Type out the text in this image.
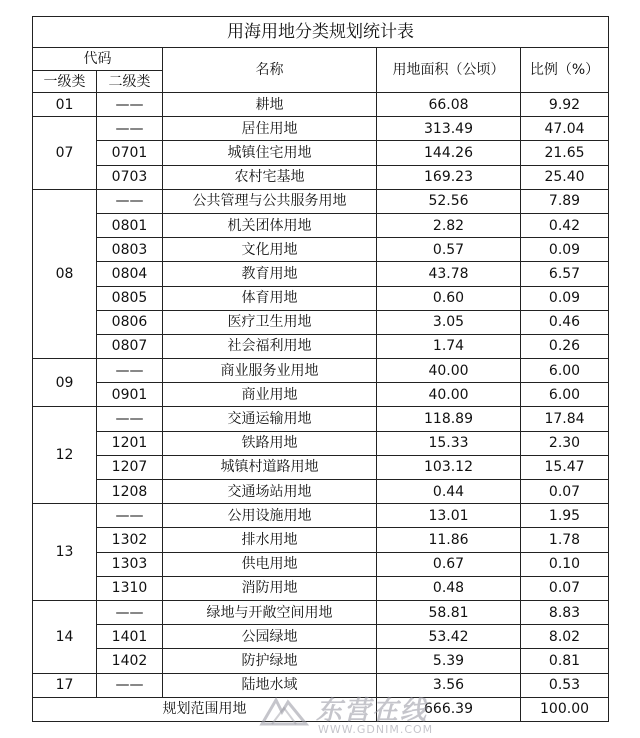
用海用地分类规划统计表				
代码		名称	用地面积（公顷）	比例（%）
一级类	二级类			
01	——	耕地	66.08	9.92
07	——	居住用地	313.49	47.04
	0701	城镇住宅用地	144.26	21.65
	0703	农村宅基地	169.23	25.40
08	——	公共管理与公共服务用地	52.56	7.89
	0801	机关团体用地	2.82	0.42
	0803	文化用地	0.57	0.09
	0804	教育用地	43.78	6.57
	0805	体育用地	0.60	0.09
	0806	医疗卫生用地	3.05	0.46
	0807	社会福利用地	1.74	0.26
09	——	商业服务业用地	40.00	6.00
	0901	商业用地	40.00	6.00
12	——	交通运输用地	118.89	17.84
	1201	铁路用地	15.33	2.30
	1207	城镇村道路用地	103.12	15.47
	1208	交通场站用地	0.44	0.07
13	——	公用设施用地	13.01	1.95
	1302	排水用地	11.86	1.78
	1303	供电用地	0.67	0.10
	1310	消防用地	0.48	0.07
14	——	绿地与开敞空间用地	58.81	8.83
	1401	公园绿地	53.42	8.02
	1402	防护绿地	5.39	0.81
17	——	陆地水域	3.56	0.53
规划范围用地			666.39	100.00
东营在线
WWW.GDNIM.COM
